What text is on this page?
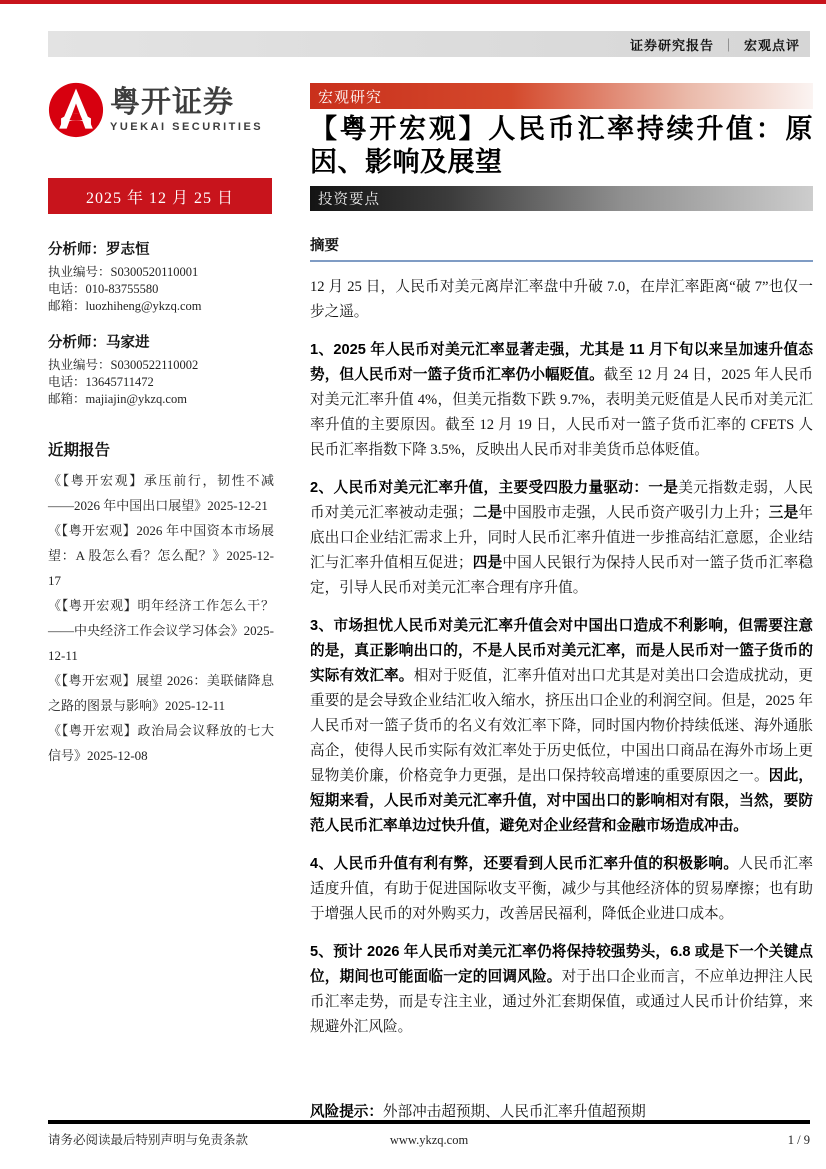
证券研究报告 ｜ 宏观点评
粤开证券
YUEKAI SECURITIES
2025 年 12 月 25 日
分析师：罗志恒
执业编号：S0300520110001
电话：010-83755580
邮箱：luozhiheng@ykzq.com
分析师：马家进
执业编号：S0300522110002
电话：13645711472
邮箱：majiajin@ykzq.com
近期报告
《【粤开宏观】承压前行，韧性不减——2026 年中国出口展望》2025-12-21
《【粤开宏观】2026 年中国资本市场展望：A 股怎么看？怎么配？》2025-12-17
《【粤开宏观】明年经济工作怎么干？——中央经济工作会议学习体会》2025-12-11
《【粤开宏观】展望 2026：美联储降息之路的图景与影响》2025-12-11
《【粤开宏观】政治局会议释放的七大信号》2025-12-08
宏观研究
【粤开宏观】人民币汇率持续升值：原因、影响及展望
投资要点
摘要
12 月 25 日，人民币对美元离岸汇率盘中升破 7.0，在岸汇率距离“破 7”也仅一步之遥。
1、2025 年人民币对美元汇率显著走强，尤其是 11 月下旬以来呈加速升值态势，但人民币对一篮子货币汇率仍小幅贬值。截至 12 月 24 日，2025 年人民币对美元汇率升值 4%，但美元指数下跌 9.7%，表明美元贬值是人民币对美元汇率升值的主要原因。截至 12 月 19 日，人民币对一篮子货币汇率的 CFETS 人民币汇率指数下降 3.5%，反映出人民币对非美货币总体贬值。
2、人民币对美元汇率升值，主要受四股力量驱动：一是美元指数走弱，人民币对美元汇率被动走强；二是中国股市走强，人民币资产吸引力上升；三是年底出口企业结汇需求上升，同时人民币汇率升值进一步推高结汇意愿，企业结汇与汇率升值相互促进；四是中国人民银行为保持人民币对一篮子货币汇率稳定，引导人民币对美元汇率合理有序升值。
3、市场担忧人民币对美元汇率升值会对中国出口造成不利影响，但需要注意的是，真正影响出口的，不是人民币对美元汇率，而是人民币对一篮子货币的实际有效汇率。相对于贬值，汇率升值对出口尤其是对美出口会造成扰动，更重要的是会导致企业结汇收入缩水，挤压出口企业的利润空间。但是，2025 年人民币对一篮子货币的名义有效汇率下降，同时国内物价持续低迷、海外通胀高企，使得人民币实际有效汇率处于历史低位，中国出口商品在海外市场上更显物美价廉，价格竞争力更强，是出口保持较高增速的重要原因之一。因此，短期来看，人民币对美元汇率升值，对中国出口的影响相对有限，当然，要防范人民币汇率单边过快升值，避免对企业经营和金融市场造成冲击。
4、人民币升值有利有弊，还要看到人民币汇率升值的积极影响。人民币汇率适度升值，有助于促进国际收支平衡，减少与其他经济体的贸易摩擦；也有助于增强人民币的对外购买力，改善居民福利，降低企业进口成本。
5、预计 2026 年人民币对美元汇率仍将保持较强势头，6.8 或是下一个关键点位，期间也可能面临一定的回调风险。对于出口企业而言，不应单边押注人民币汇率走势，而是专注主业，通过外汇套期保值，或通过人民币计价结算，来规避外汇风险。
风险提示：外部冲击超预期、人民币汇率升值超预期
请务必阅读最后特别声明与免责条款	www.ykzq.com	1 / 9
